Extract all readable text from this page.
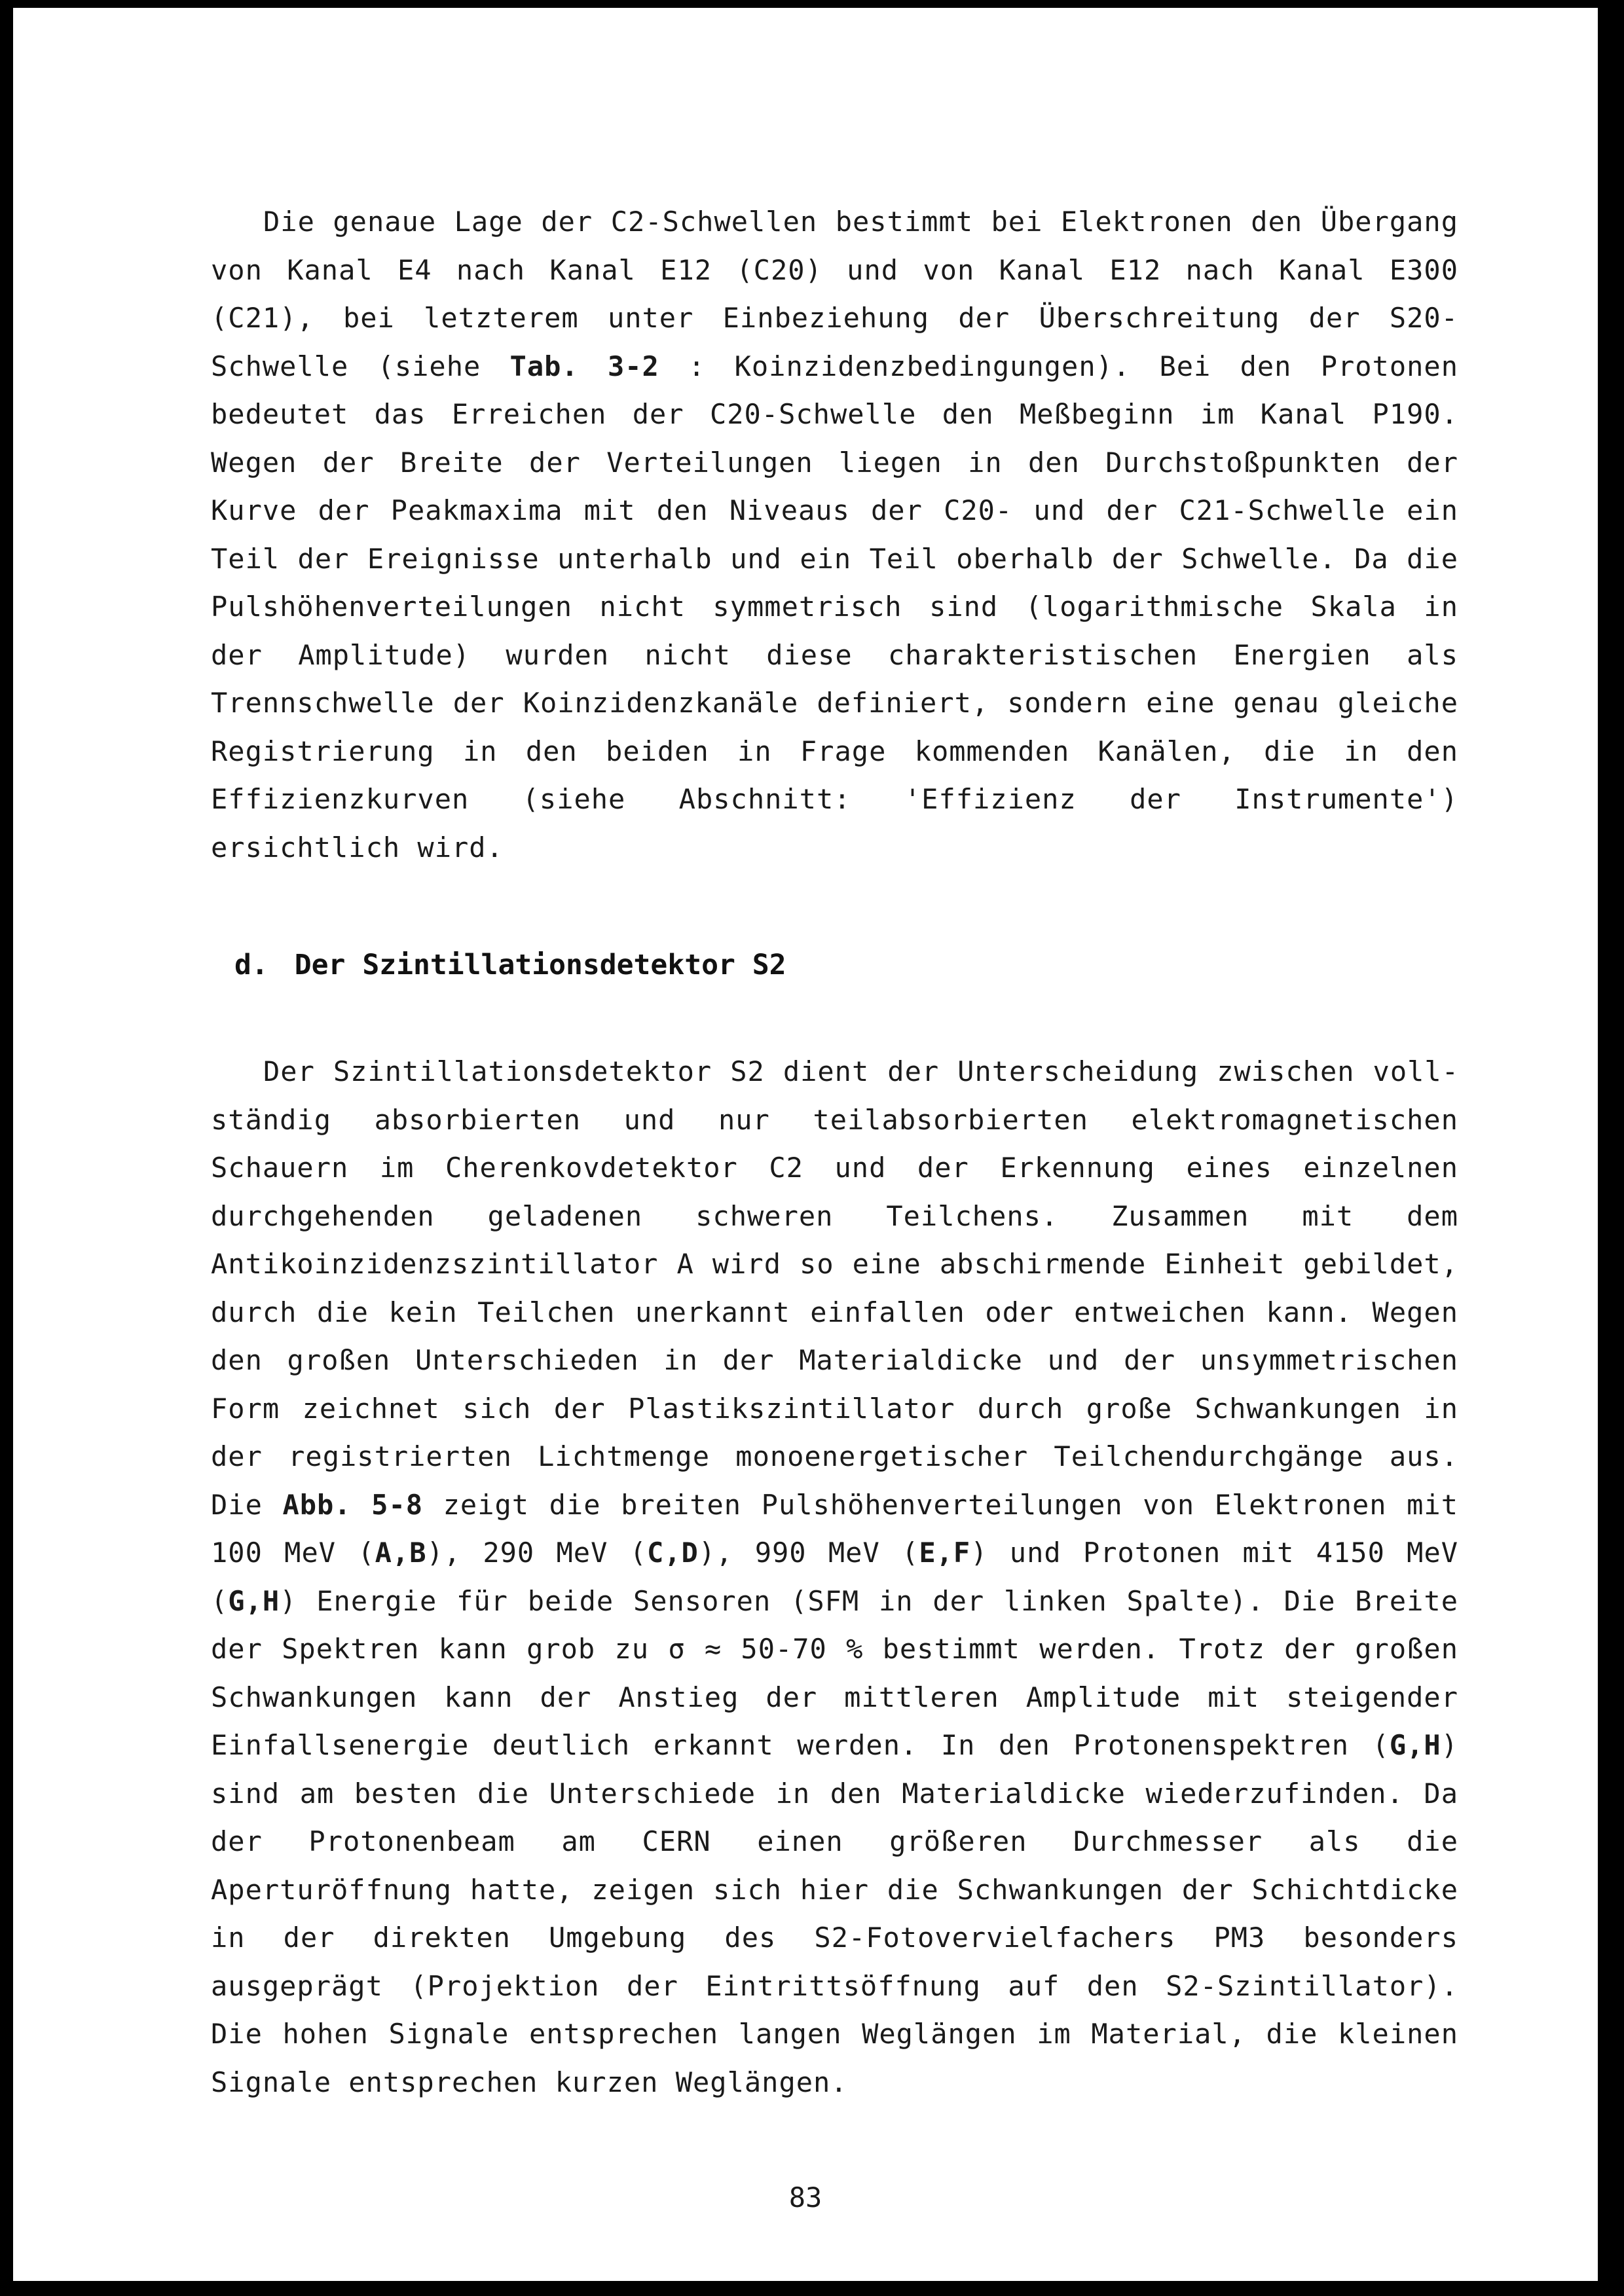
Die genaue Lage der C2-Schwellen bestimmt bei Elektronen den Übergang von Kanal E4 nach Kanal E12 (C20) und von Kanal E12 nach Kanal E300 (C21), bei letzterem unter Einbeziehung der Überschreitung der S20-Schwelle (siehe Tab. 3-2 : Koinzidenzbedingungen). Bei den Protonen bedeutet das Erreichen der C20-Schwelle den Meßbeginn im Kanal P190. Wegen der Breite der Verteilungen liegen in den Durchstoßpunkten der Kurve der Peakmaxima mit den Niveaus der C20- und der C21-Schwelle ein Teil der Ereignisse unterhalb und ein Teil oberhalb der Schwelle. Da die Pulshöhenverteilungen nicht symmetrisch sind (logarithmische Skala in der Amplitude) wurden nicht diese charakteristischen Energien als Trennschwelle der Koinzidenzkanäle definiert, sondern eine genau gleiche Registrierung in den beiden in Frage kommenden Kanälen, die in den Effizienzkurven (siehe Abschnitt: 'Effizienz der Instrumente') ersichtlich wird.

d. Der Szintillationsdetektor S2

Der Szintillationsdetektor S2 dient der Unterscheidung zwischen vollständig absorbierten und nur teilabsorbierten elektromagnetischen Schauern im Cherenkovdetektor C2 und der Erkennung eines einzelnen durchgehenden geladenen schweren Teilchens. Zusammen mit dem Antikoinzidenzszintillator A wird so eine abschirmende Einheit gebildet, durch die kein Teilchen unerkannt einfallen oder entweichen kann. Wegen den großen Unterschieden in der Materialdicke und der unsymmetrischen Form zeichnet sich der Plastikszintillator durch große Schwankungen in der registrierten Lichtmenge monoenergetischer Teilchendurchgänge aus. Die Abb. 5-8 zeigt die breiten Pulshöhenverteilungen von Elektronen mit 100 MeV (A,B), 290 MeV (C,D), 990 MeV (E,F) und Protonen mit 4150 MeV (G,H) Energie für beide Sensoren (SFM in der linken Spalte). Die Breite der Spektren kann grob zu σ ≈ 50-70 % bestimmt werden. Trotz der großen Schwankungen kann der Anstieg der mittleren Amplitude mit steigender Einfallsenergie deutlich erkannt werden. In den Protonenspektren (G,H) sind am besten die Unterschiede in den Materialdicke wiederzufinden. Da der Protonenbeam am CERN einen größeren Durchmesser als die Aperturöffnung hatte, zeigen sich hier die Schwankungen der Schichtdicke in der direkten Umgebung des S2-Fotovervielfachers PM3 besonders ausgeprägt (Projektion der Eintrittsöffnung auf den S2-Szintillator). Die hohen Signale entsprechen langen Weglängen im Material, die kleinen Signale entsprechen kurzen Weglängen.

83
